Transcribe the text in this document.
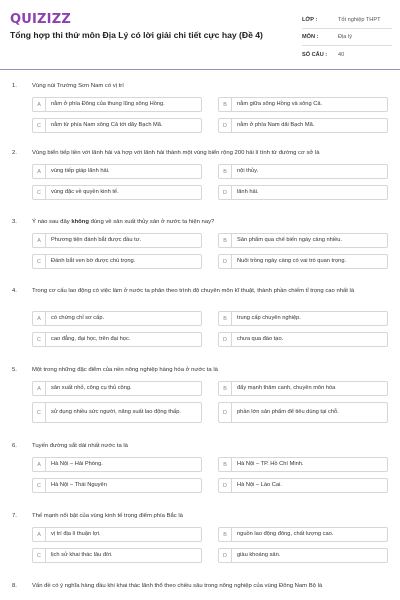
QUIZIZZ
Tổng hợp thi thử môn Địa Lý có lời giải chi tiết cực hay (Đề 4)
LỚP :	Tốt nghiệp THPT
MÔN :	Địa lý
SỐ CÂU :	40
1.	Vùng núi Trường Sơn Nam có vị trí
A	nằm ở phía Đông của thung lũng sông Hồng.	B	nằm giữa sông Hồng và sông Cả.
C	nằm từ phía Nam sông Cả tới dãy Bạch Mã.	D	nằm ở phía Nam dãi Bạch Mã.
2.	Vùng biển tiếp liền với lãnh hải và hợp với lãnh hải thành một vùng biển rộng 200 hải lí tính từ đường cơ sở là
A	vùng tiếp giáp lãnh hải.	B	nội thủy.
C	vùng đặc về quyền kinh tế.	D	lãnh hải.
3.	Ý nào sau đây không đúng về sản xuất thủy sản ở nước ta hiện nay?
A	Phương tiện đánh bắt được đầu tư.	B	Sản phẩm qua chế biến ngày càng nhiều.
C	Đánh bắt ven bờ được chú trọng.	D	Nuôi trồng ngày càng có vai trò quan trọng.
4.	Trong cơ cấu lao động có việc làm ở nước ta phân theo trình độ chuyên môn kĩ thuật, thành phần chiếm tỉ trọng cao nhất là
A	có chứng chỉ sơ cấp.	B	trung cấp chuyên nghiệp.
C	cao đẳng, đại học, trên đại học.	D	chưa qua đào tạo.
5.	Một trong những đặc điểm của nền nông nghiệp hàng hóa ở nước ta là
A	sản xuất nhỏ, công cụ thủ công.	B	đẩy mạnh thâm canh, chuyên môn hóa
C	sử dụng nhiều sức người, năng suất lao động thấp.	D	phần lớn sản phẩm để tiêu dùng tại chỗ.
6.	Tuyến đường sắt dài nhất nước ta là
A	Hà Nội – Hải Phòng.	B	Hà Nội – TP. Hồ Chí Minh.
C	Hà Nội – Thái Nguyên	D	Hà Nội – Lào Cai.
7.	Thế mạnh nổi bật của vùng kinh tế trọng điểm phía Bắc là
A	vị trí địa lí thuận lợi.	B	nguồn lao động đông, chất lượng cao.
C	lịch sử khai thác lâu đời.	D	giàu khoáng sản.
8.	Vấn đề có ý nghĩa hàng đầu khi khai thác lãnh thổ theo chiều sâu trong nông nghiệp của vùng Đông Nam Bộ là
